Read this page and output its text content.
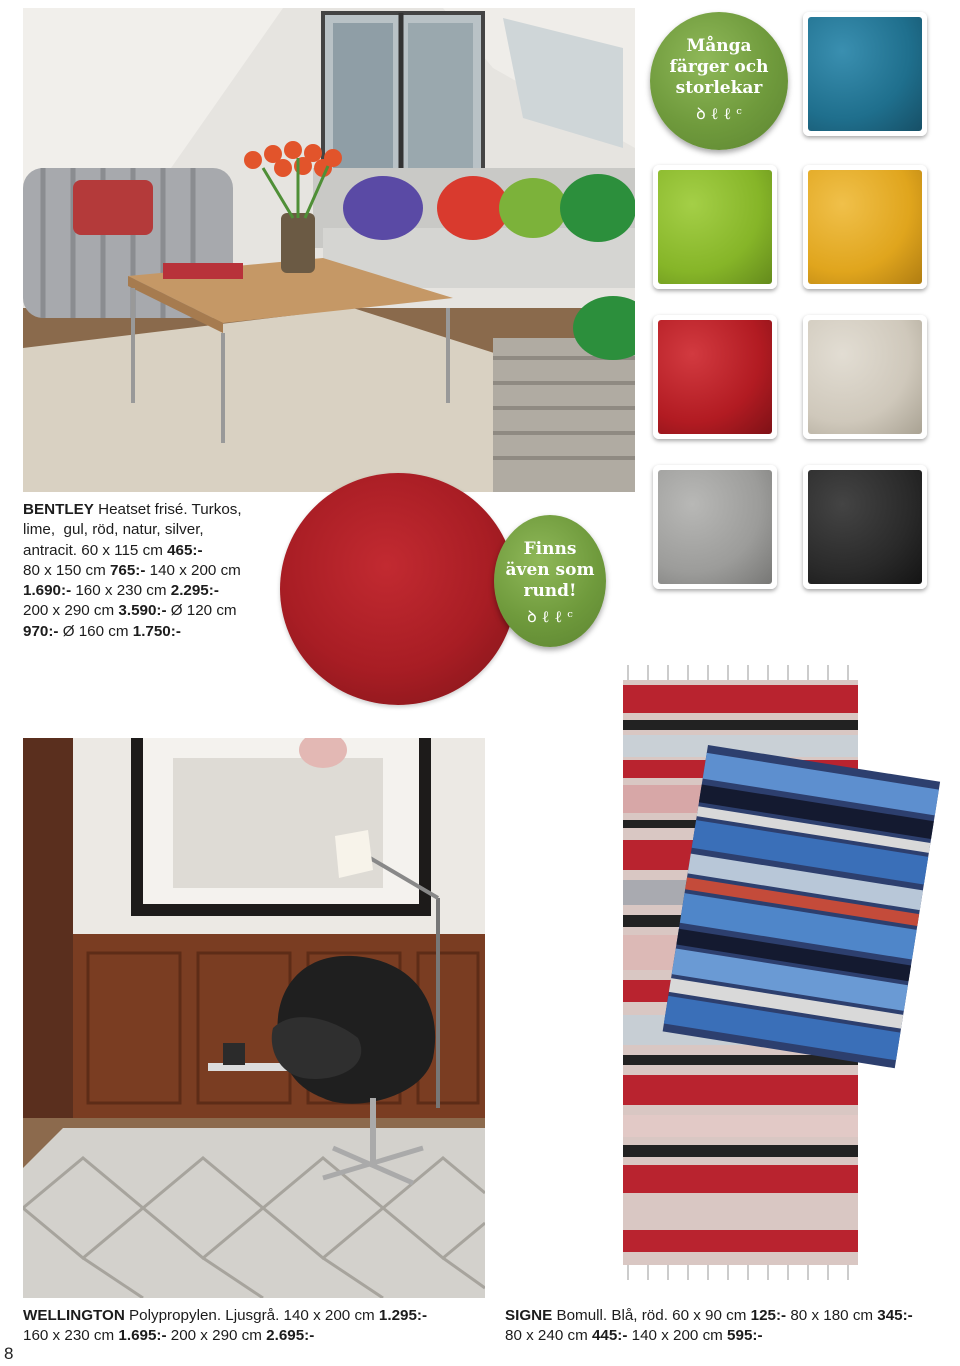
Många
färger och
storlekar
ꝺ ℓ ℓ ᶜ
Finns
även som
rund!
ꝺ ℓ ℓ ᶜ
BENTLEY Heatset frisé. Turkos,
lime,  gul, röd, natur, silver,
antracit. 60 x 115 cm 465:-
80 x 150 cm 765:- 140 x 200 cm
1.690:- 160 x 230 cm 2.295:-
200 x 290 cm 3.590:- Ø 120 cm
970:- Ø 160 cm 1.750:-
WELLINGTON Polypropylen. Ljusgrå. 140 x 200 cm 1.295:-
160 x 230 cm 1.695:- 200 x 290 cm 2.695:-
SIGNE Bomull. Blå, röd. 60 x 90 cm 125:- 80 x 180 cm 345:-
80 x 240 cm 445:- 140 x 200 cm 595:-
8
